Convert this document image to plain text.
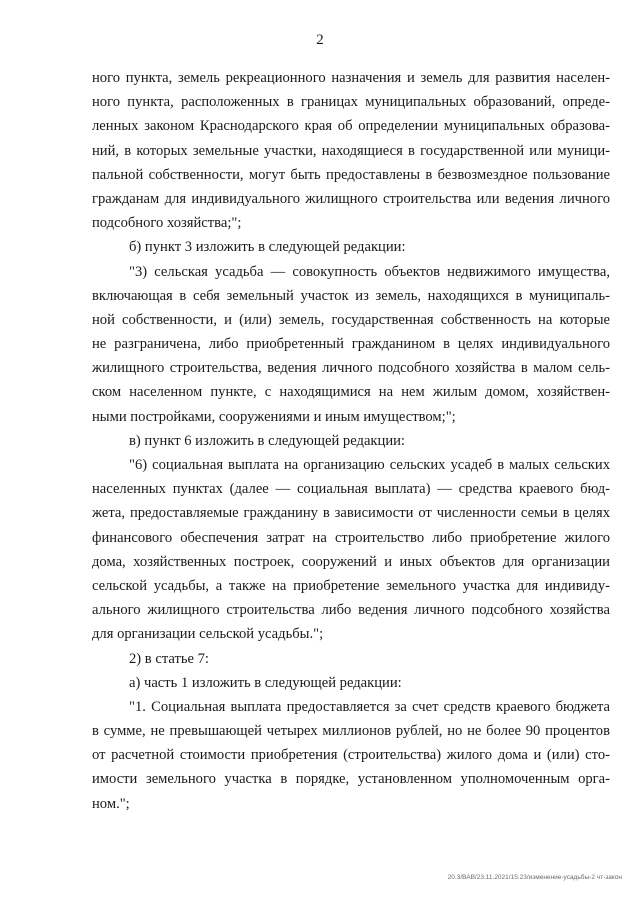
2
ного пункта, земель рекреационного назначения и земель для развития населен-
ного пункта, расположенных в границах муниципальных образований, опреде-
ленных законом Краснодарского края об определении муниципальных образова-
ний, в которых земельные участки, находящиеся в государственной или муници-
пальной собственности, могут быть предоставлены в безвозмездное пользование
гражданам для индивидуального жилищного строительства или ведения личного
подсобного хозяйства;";
б) пункт 3 изложить в следующей редакции:
"3) сельская усадьба — совокупность объектов недвижимого имущества,
включающая в себя земельный участок из земель, находящихся в муниципаль-
ной собственности, и (или) земель, государственная собственность на которые
не разграничена, либо приобретенный гражданином в целях индивидуального
жилищного строительства, ведения личного подсобного хозяйства в малом сель-
ском населенном пункте, с находящимися на нем жилым домом, хозяйствен-
ными постройками, сооружениями и иным имуществом;";
в) пункт 6 изложить в следующей редакции:
"6) социальная выплата на организацию сельских усадеб в малых сельских
населенных пунктах (далее — социальная выплата) — средства краевого бюд-
жета, предоставляемые гражданину в зависимости от численности семьи в целях
финансового обеспечения затрат на строительство либо приобретение жилого
дома, хозяйственных построек, сооружений и иных объектов для организации
сельской усадьбы, а также на приобретение земельного участка для индивиду-
ального жилищного строительства либо ведения личного подсобного хозяйства
для организации сельской усадьбы.";
2) в статье 7:
а) часть 1 изложить в следующей редакции:
"1. Социальная выплата предоставляется за счет средств краевого бюджета
в сумме, не превышающей четырех миллионов рублей, но не более 90 процентов
от расчетной стоимости приобретения (строительства) жилого дома и (или) сто-
имости земельного участка в порядке, установленном уполномоченным орга-
ном.";
20.3/ВАВ/23.11.2021/15:23/изменение-усадьбы-2 чт-закон
